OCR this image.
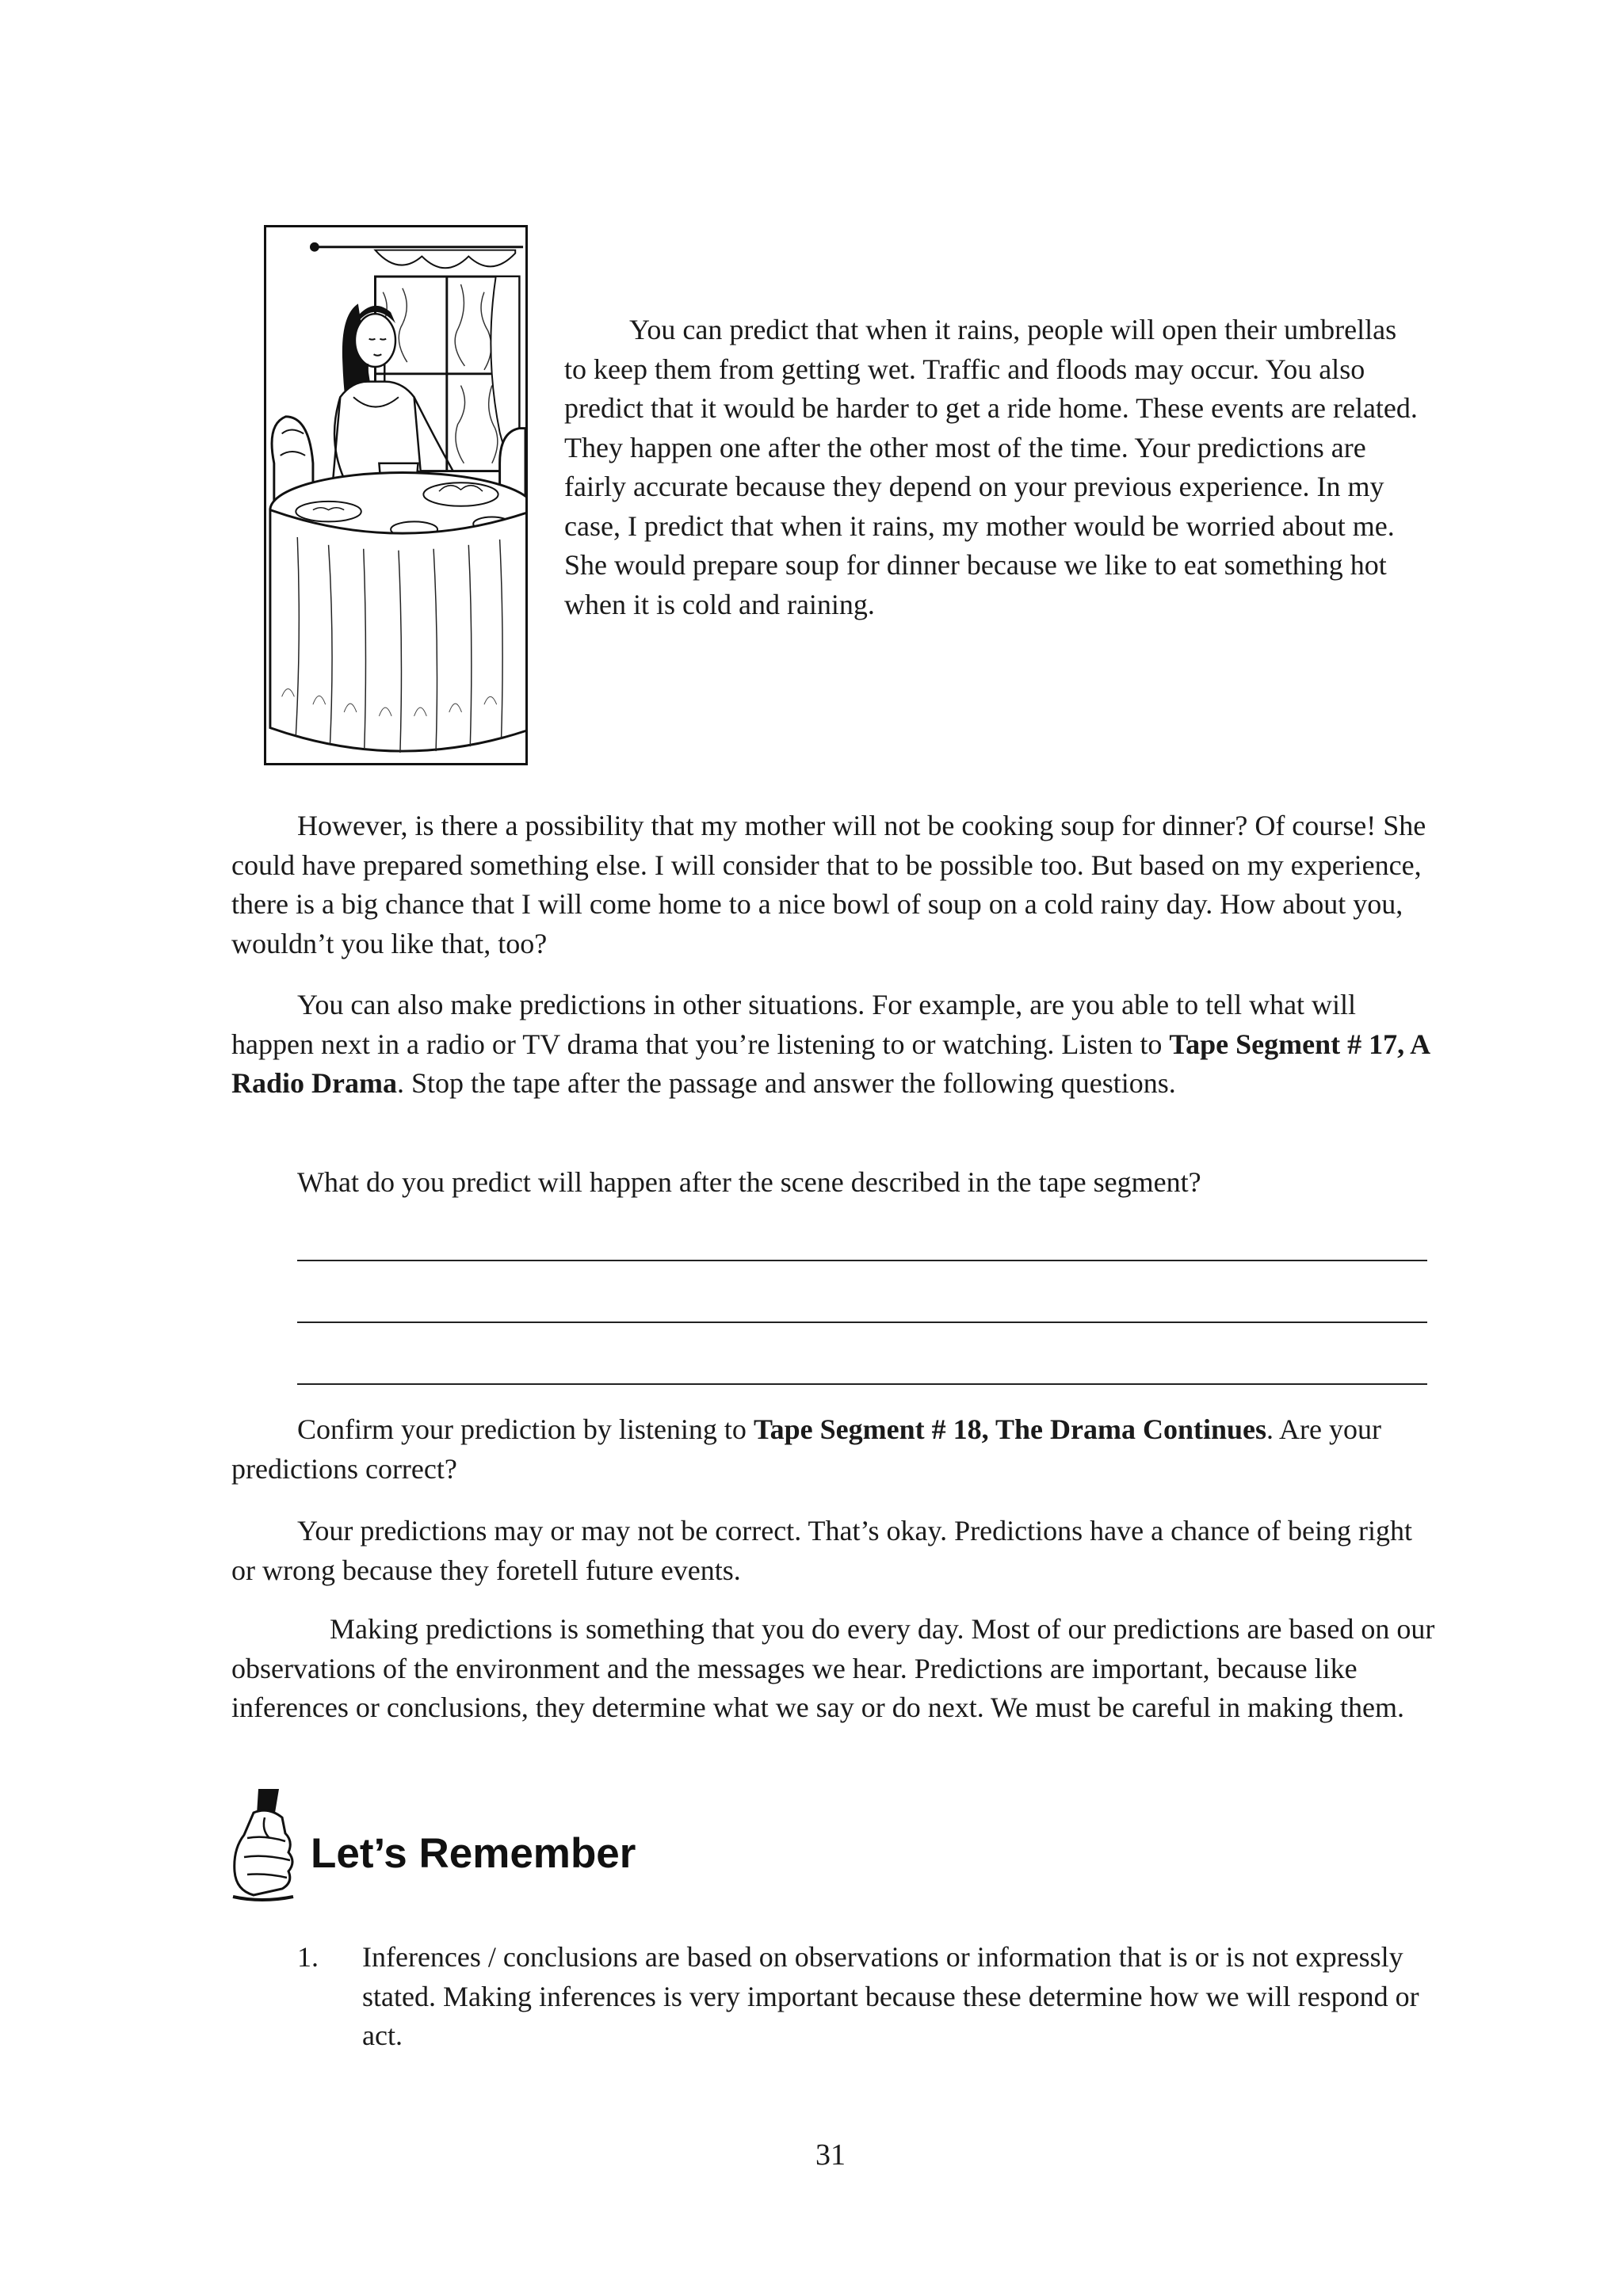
You can predict that when it rains, people will open their umbrellas to keep them from getting wet. Traffic and floods may occur. You also predict that it would be harder to get a ride home. These events are related. They happen one after the other most of the time. Your predictions are fairly accurate because they depend on your previous experience. In my case, I predict that when it rains, my mother would be worried about me. She would prepare soup for dinner because we like to eat something hot when it is cold and raining.

However, is there a possibility that my mother will not be cooking soup for dinner? Of course! She could have prepared something else. I will consider that to be possible too. But based on my experience, there is a big chance that I will come home to a nice bowl of soup on a cold rainy day. How about you, wouldn’t you like that, too?

You can also make predictions in other situations. For example, are you able to tell what will happen next in a radio or TV drama that you’re listening to or watching. Listen to Tape Segment # 17, A Radio Drama. Stop the tape after the passage and answer the following questions.

What do you predict will happen after the scene described in the tape segment?

Confirm your prediction by listening to Tape Segment # 18, The Drama Continues. Are your predictions correct?

Your predictions may or may not be correct. That’s okay. Predictions have a chance of being right or wrong because they foretell future events.

Making predictions is something that you do every day. Most of our predictions are based on our observations of the environment and the messages we hear. Predictions are important, because like inferences or conclusions, they determine what we say or do next. We must be careful in making them.

Let’s Remember
1. Inferences / conclusions are based on observations or information that is or is not expressly stated. Making inferences is very important because these determine how we will respond or act.

31
